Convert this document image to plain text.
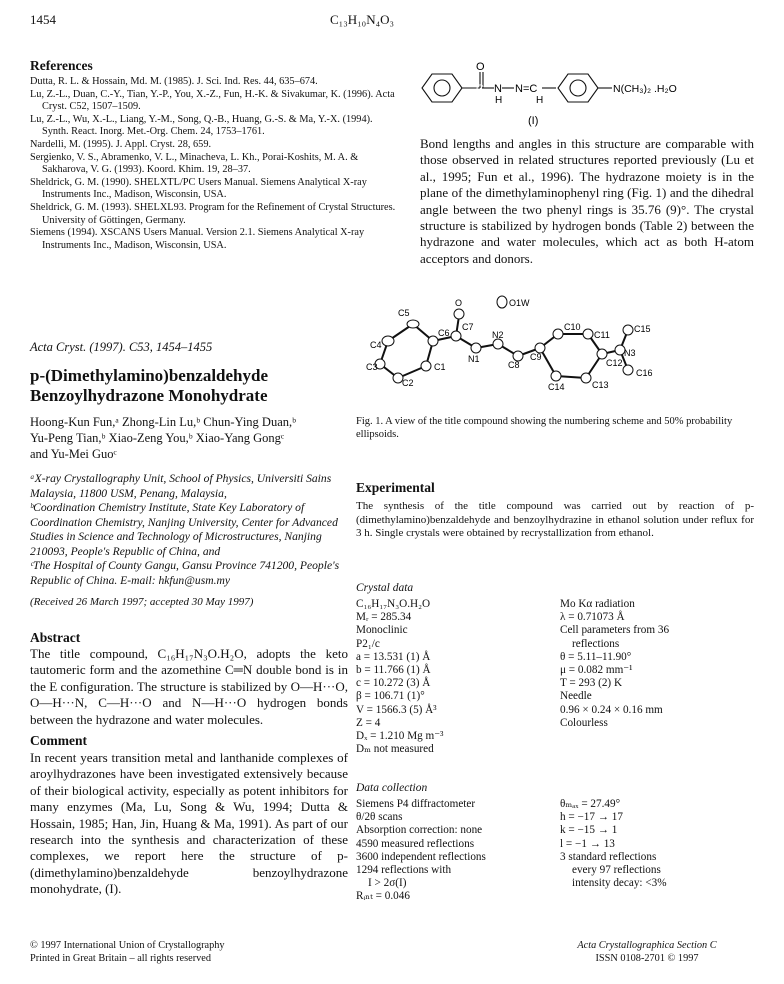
1454	C₁₃H₁₀N₄O₃
References

Dutta, R. L. & Hossain, Md. M. (1985). J. Sci. Ind. Res. 44, 635–674.

Lu, Z.-L., Duan, C.-Y., Tian, Y.-P., You, X.-Z., Fun, H.-K. & Sivakumar, K. (1996). Acta Cryst. C52, 1507–1509.

Lu, Z.-L., Wu, X.-L., Liang, Y.-M., Song, Q.-B., Huang, G.-S. & Ma, Y.-X. (1994). Synth. React. Inorg. Met.-Org. Chem. 24, 1753–1761.

Nardelli, M. (1995). J. Appl. Cryst. 28, 659.

Sergienko, V. S., Abramenko, V. L., Minacheva, L. Kh., Porai-Koshits, M. A. & Sakharova, V. G. (1993). Koord. Khim. 19, 28–37.

Sheldrick, G. M. (1990). SHELXTL/PC Users Manual. Siemens Analytical X-ray Instruments Inc., Madison, Wisconsin, USA.

Sheldrick, G. M. (1993). SHELXL93. Program for the Refinement of Crystal Structures. University of Göttingen, Germany.

Siemens (1994). XSCANS Users Manual. Version 2.1. Siemens Analytical X-ray Instruments Inc., Madison, Wisconsin, USA.

O
C N
H
N=C
H
N(CH₃)₂ .H₂O
(I)
Bond lengths and angles in this structure are comparable with those observed in related structures reported previously (Lu et al., 1995; Fun et al., 1996). The hydrazone moiety is in the plane of the dimethylaminophenyl ring (Fig. 1) and the dihedral angle between the two phenyl rings is 35.76 (9)°. The crystal structure is stabilized by hydrogen bonds (Table 2) between the hydrazone and water molecules, which act as both H-atom acceptors and donors.
O1W
O
C7
C5
C6
C4
N1
N2
C10
C11
C15
C8
C9
C12
N3
C1
C3
C2	C13
C16
C14
Fig. 1. A view of the title compound showing the numbering scheme and 50% probability ellipsoids.
Acta Cryst. (1997). C53, 1454–1455
p-(Dimethylamino)benzaldehyde Benzoylhydrazone Monohydrate
Hoong-Kun Fun,ᵃ Zhong-Lin Lu,ᵇ Chun-Ying Duan,ᵇ
Yu-Peng Tian,ᵇ Xiao-Zeng You,ᵇ Xiao-Yang Gongᶜ
and Yu-Mei Guoᶜ
ᵃX-ray Crystallography Unit, School of Physics, Universiti Sains Malaysia, 11800 USM, Penang, Malaysia,
ᵇCoordination Chemistry Institute, State Key Laboratory of Coordination Chemistry, Nanjing University, Center for Advanced Studies in Science and Technology of Microstructures, Nanjing 210093, People's Republic of China, and
ᶜThe Hospital of County Gangu, Gansu Province 741200, People's Republic of China. E-mail: hkfun@usm.my
(Received 26 March 1997; accepted 30 May 1997)
Abstract
The title compound, C₁₆H₁₇N₃O.H₂O, adopts the keto tautomeric form and the azomethine C═N double bond is in the E configuration. The structure is stabilized by O—H···O, O—H···N, C—H···O and N—H···O hydrogen bonds between the hydrazone and water molecules.
Comment
In recent years transition metal and lanthanide complexes of aroylhydrazones have been investigated extensively because of their biological activity, especially as potent inhibitors for many enzymes (Ma, Lu, Song & Wu, 1994; Dutta & Hossain, 1985; Han, Jin, Huang & Ma, 1991). As part of our research into the synthesis and characterization of these complexes, we report here the structure of p-(dimethylamino)benzaldehyde benzoylhydrazone monohydrate, (I).
Experimental
The synthesis of the title compound was carried out by reaction of p-(dimethylamino)benzaldehyde and benzoylhydrazine in ethanol solution under reflux for 3 h. Single crystals were obtained by recrystallization from ethanol.
Crystal data
C₁₆H₁₇N₃O.H₂O
Mᵣ = 285.34
Monoclinic
P2₁/c
a = 13.531 (1) Å
b = 11.766 (1) Å
c = 10.272 (3) Å
β = 106.71 (1)°
V = 1566.3 (5) Å³
Z = 4
Dₓ = 1.210 Mg m⁻³
Dₘ not measured
Mo Kα radiation
λ = 0.71073 Å
Cell parameters from 36
reflections
θ = 5.11–11.90°
μ = 0.082 mm⁻¹
T = 293 (2) K
Needle
0.96 × 0.24 × 0.16 mm
Colourless
Data collection
Siemens P4 diffractometer
θ/2θ scans
Absorption correction: none
4590 measured reflections
3600 independent reflections
1294 reflections with
I > 2σ(I)
Rᵢₙₜ = 0.046
θₘₐₓ = 27.49°
h = −17 → 17
k = −15 → 1
l = −1 → 13
3 standard reflections
every 97 reflections
intensity decay: <3%
© 1997 International Union of Crystallography
Printed in Great Britain – all rights reserved
Acta Crystallographica Section C
ISSN 0108-2701 © 1997
